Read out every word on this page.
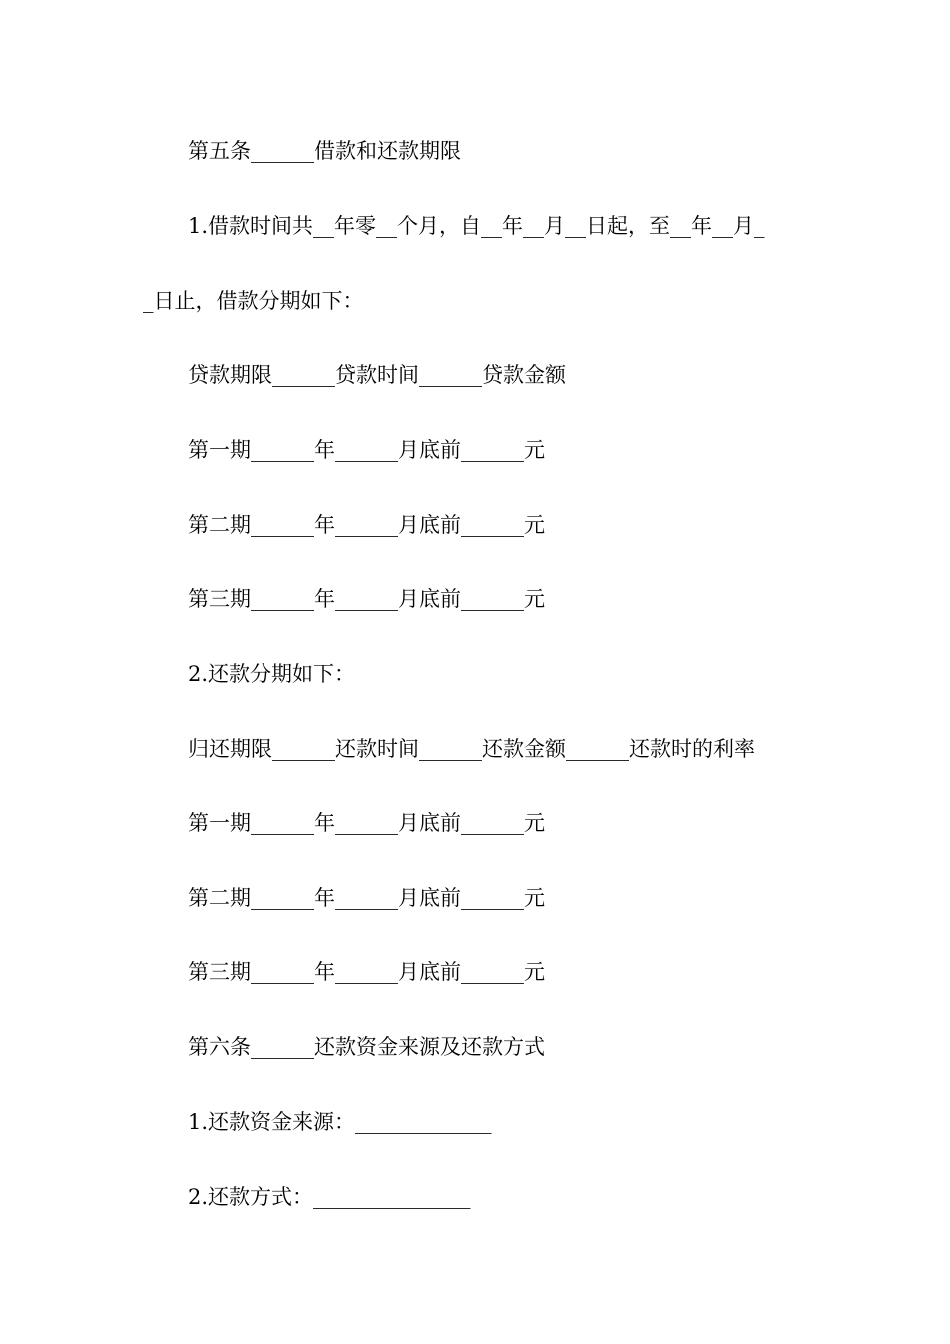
第五条______借款和还款期限
1.借款时间共__年零__个月，自__年__月__日起，至__年__月_
_日止，借款分期如下：
贷款期限______贷款时间______贷款金额
第一期______年______月底前______元
第二期______年______月底前______元
第三期______年______月底前______元
2.还款分期如下：
归还期限______还款时间______还款金额______还款时的利率
第一期______年______月底前______元
第二期______年______月底前______元
第三期______年______月底前______元
第六条______还款资金来源及还款方式
1.还款资金来源：_____________
2.还款方式：_______________
